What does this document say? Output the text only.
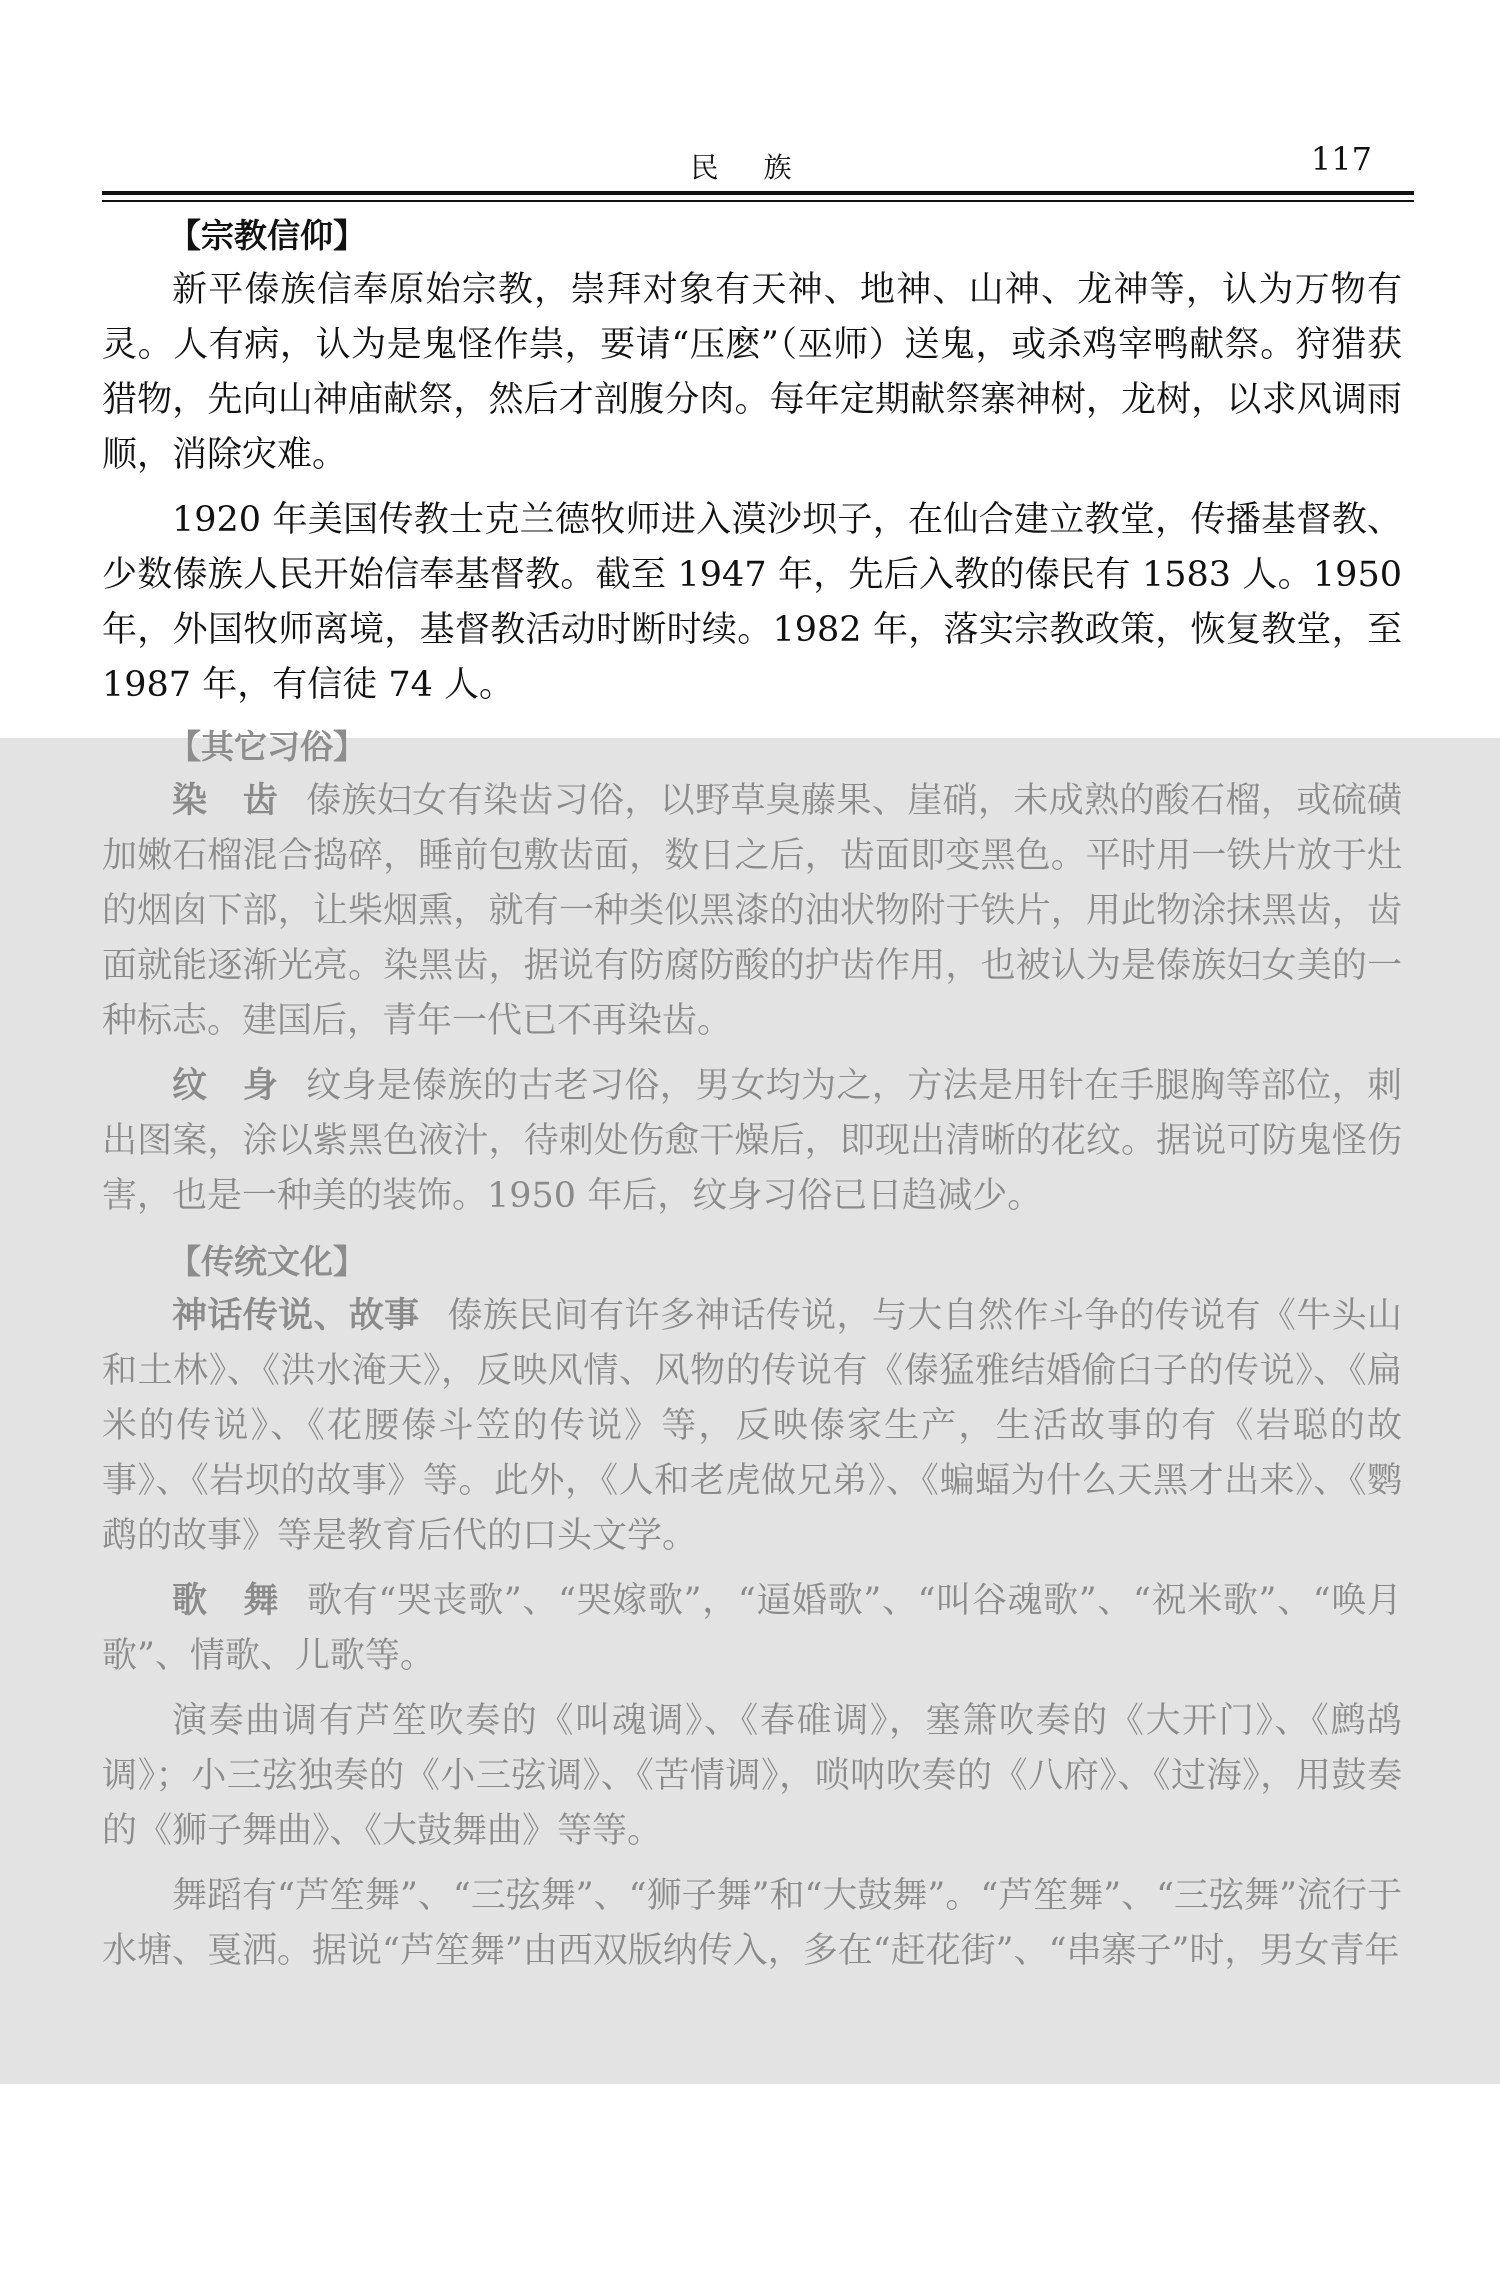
民 族	117
【宗教信仰】

新平傣族信奉原始宗教，崇拜对象有天神、地神、山神、龙神等，认为万物有灵。人有病，认为是鬼怪作祟，要请“压麽”（巫师）送鬼，或杀鸡宰鸭献祭。狩猎获猎物，先向山神庙献祭，然后才剖腹分肉。每年定期献祭寨神树，龙树，以求风调雨顺，消除灾难。

1920 年美国传教士克兰德牧师进入漠沙坝子，在仙合建立教堂，传播基督教、少数傣族人民开始信奉基督教。截至 1947 年，先后入教的傣民有 1583 人。1950 年，外国牧师离境，基督教活动时断时续。1982 年，落实宗教政策，恢复教堂，至 1987 年，有信徒 74 人。

【其它习俗】

染　齿 傣族妇女有染齿习俗，以野草臭藤果、崖硝，未成熟的酸石榴，或硫磺加嫩石榴混合捣碎，睡前包敷齿面，数日之后，齿面即变黑色。平时用一铁片放于灶的烟囱下部，让柴烟熏，就有一种类似黑漆的油状物附于铁片，用此物涂抹黑齿，齿面就能逐渐光亮。染黑齿，据说有防腐防酸的护齿作用，也被认为是傣族妇女美的一种标志。建国后，青年一代已不再染齿。

纹　身 纹身是傣族的古老习俗，男女均为之，方法是用针在手腿胸等部位，刺出图案，涂以紫黑色液汁，待刺处伤愈干燥后，即现出清晰的花纹。据说可防鬼怪伤害，也是一种美的装饰。1950 年后，纹身习俗已日趋减少。

【传统文化】

神话传说、故事 傣族民间有许多神话传说，与大自然作斗争的传说有《牛头山和土林》、《洪水淹天》，反映风情、风物的传说有《傣猛雅结婚偷臼子的传说》、《扁米的传说》、《花腰傣斗笠的传说》等，反映傣家生产，生活故事的有《岩聪的故事》、《岩坝的故事》等。此外，《人和老虎做兄弟》、《蝙蝠为什么天黑才出来》、《鹦鹉的故事》等是教育后代的口头文学。

歌　舞 歌有“哭丧歌”、“哭嫁歌”，“逼婚歌”、“叫谷魂歌”、“祝米歌”、“唤月歌”、情歌、儿歌等。

演奏曲调有芦笙吹奏的《叫魂调》、《春碓调》，塞箫吹奏的《大开门》、《鹧鸪调》；小三弦独奏的《小三弦调》、《苦情调》，唢呐吹奏的《八府》、《过海》，用鼓奏的《狮子舞曲》、《大鼓舞曲》等等。

舞蹈有“芦笙舞”、“三弦舞”、“狮子舞”和“大鼓舞”。“芦笙舞”、“三弦舞”流行于水塘、戛洒。据说“芦笙舞”由西双版纳传入，多在“赶花街”、“串寨子”时，男女青年
